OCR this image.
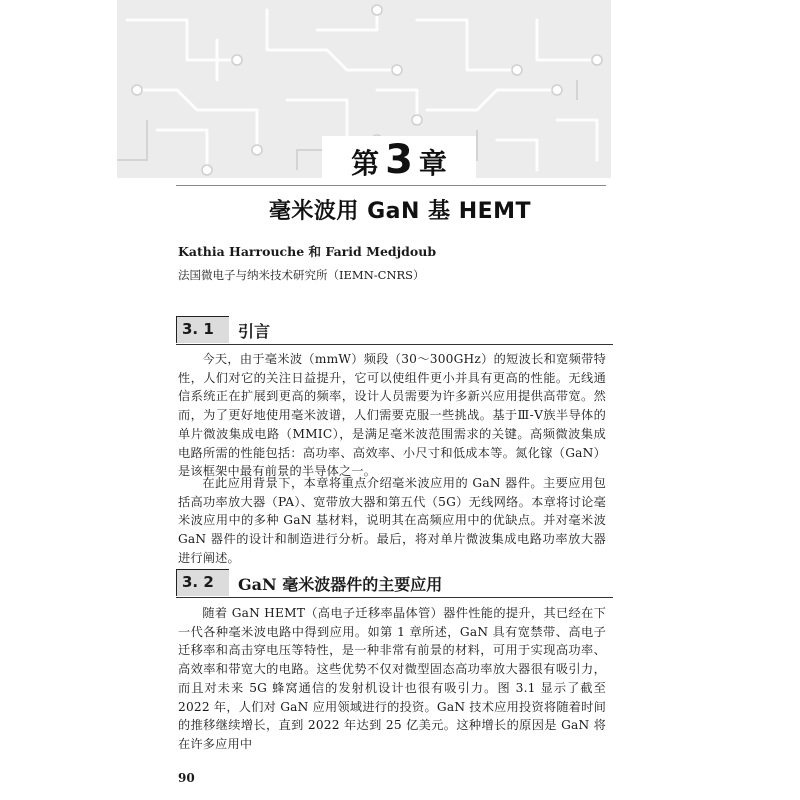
第 3 章
毫米波用 GaN 基 HEMT
Kathia Harrouche 和 Farid Medjdoub
法国微电子与纳米技术研究所（IEMN-CNRS）
3. 1 引言

今天，由于毫米波（mmW）频段（30～300GHz）的短波长和宽频带特性，人们对它的关注日益提升，它可以使组件更小并具有更高的性能。无线通信系统正在扩展到更高的频率，设计人员需要为许多新兴应用提供高带宽。然而，为了更好地使用毫米波谱，人们需要克服一些挑战。基于Ⅲ-Ⅴ族半导体的单片微波集成电路（MMIC），是满足毫米波范围需求的关键。高频微波集成电路所需的性能包括：高功率、高效率、小尺寸和低成本等。氮化镓（GaN）是该框架中最有前景的半导体之一。

在此应用背景下，本章将重点介绍毫米波应用的 GaN 器件。主要应用包括高功率放大器（PA）、宽带放大器和第五代（5G）无线网络。本章将讨论毫米波应用中的多种 GaN 基材料，说明其在高频应用中的优缺点。并对毫米波 GaN 器件的设计和制造进行分析。最后，将对单片微波集成电路功率放大器进行阐述。

3. 2 GaN 毫米波器件的主要应用

随着 GaN HEMT（高电子迁移率晶体管）器件性能的提升，其已经在下一代各种毫米波电路中得到应用。如第 1 章所述，GaN 具有宽禁带、高电子迁移率和高击穿电压等特性，是一种非常有前景的材料，可用于实现高功率、高效率和带宽大的电路。这些优势不仅对微型固态高功率放大器很有吸引力，而且对未来 5G 蜂窝通信的发射机设计也很有吸引力。图 3.1 显示了截至 2022 年，人们对 GaN 应用领域进行的投资。GaN 技术应用投资将随着时间的推移继续增长，直到 2022 年达到 25 亿美元。这种增长的原因是 GaN 将在许多应用中

90
